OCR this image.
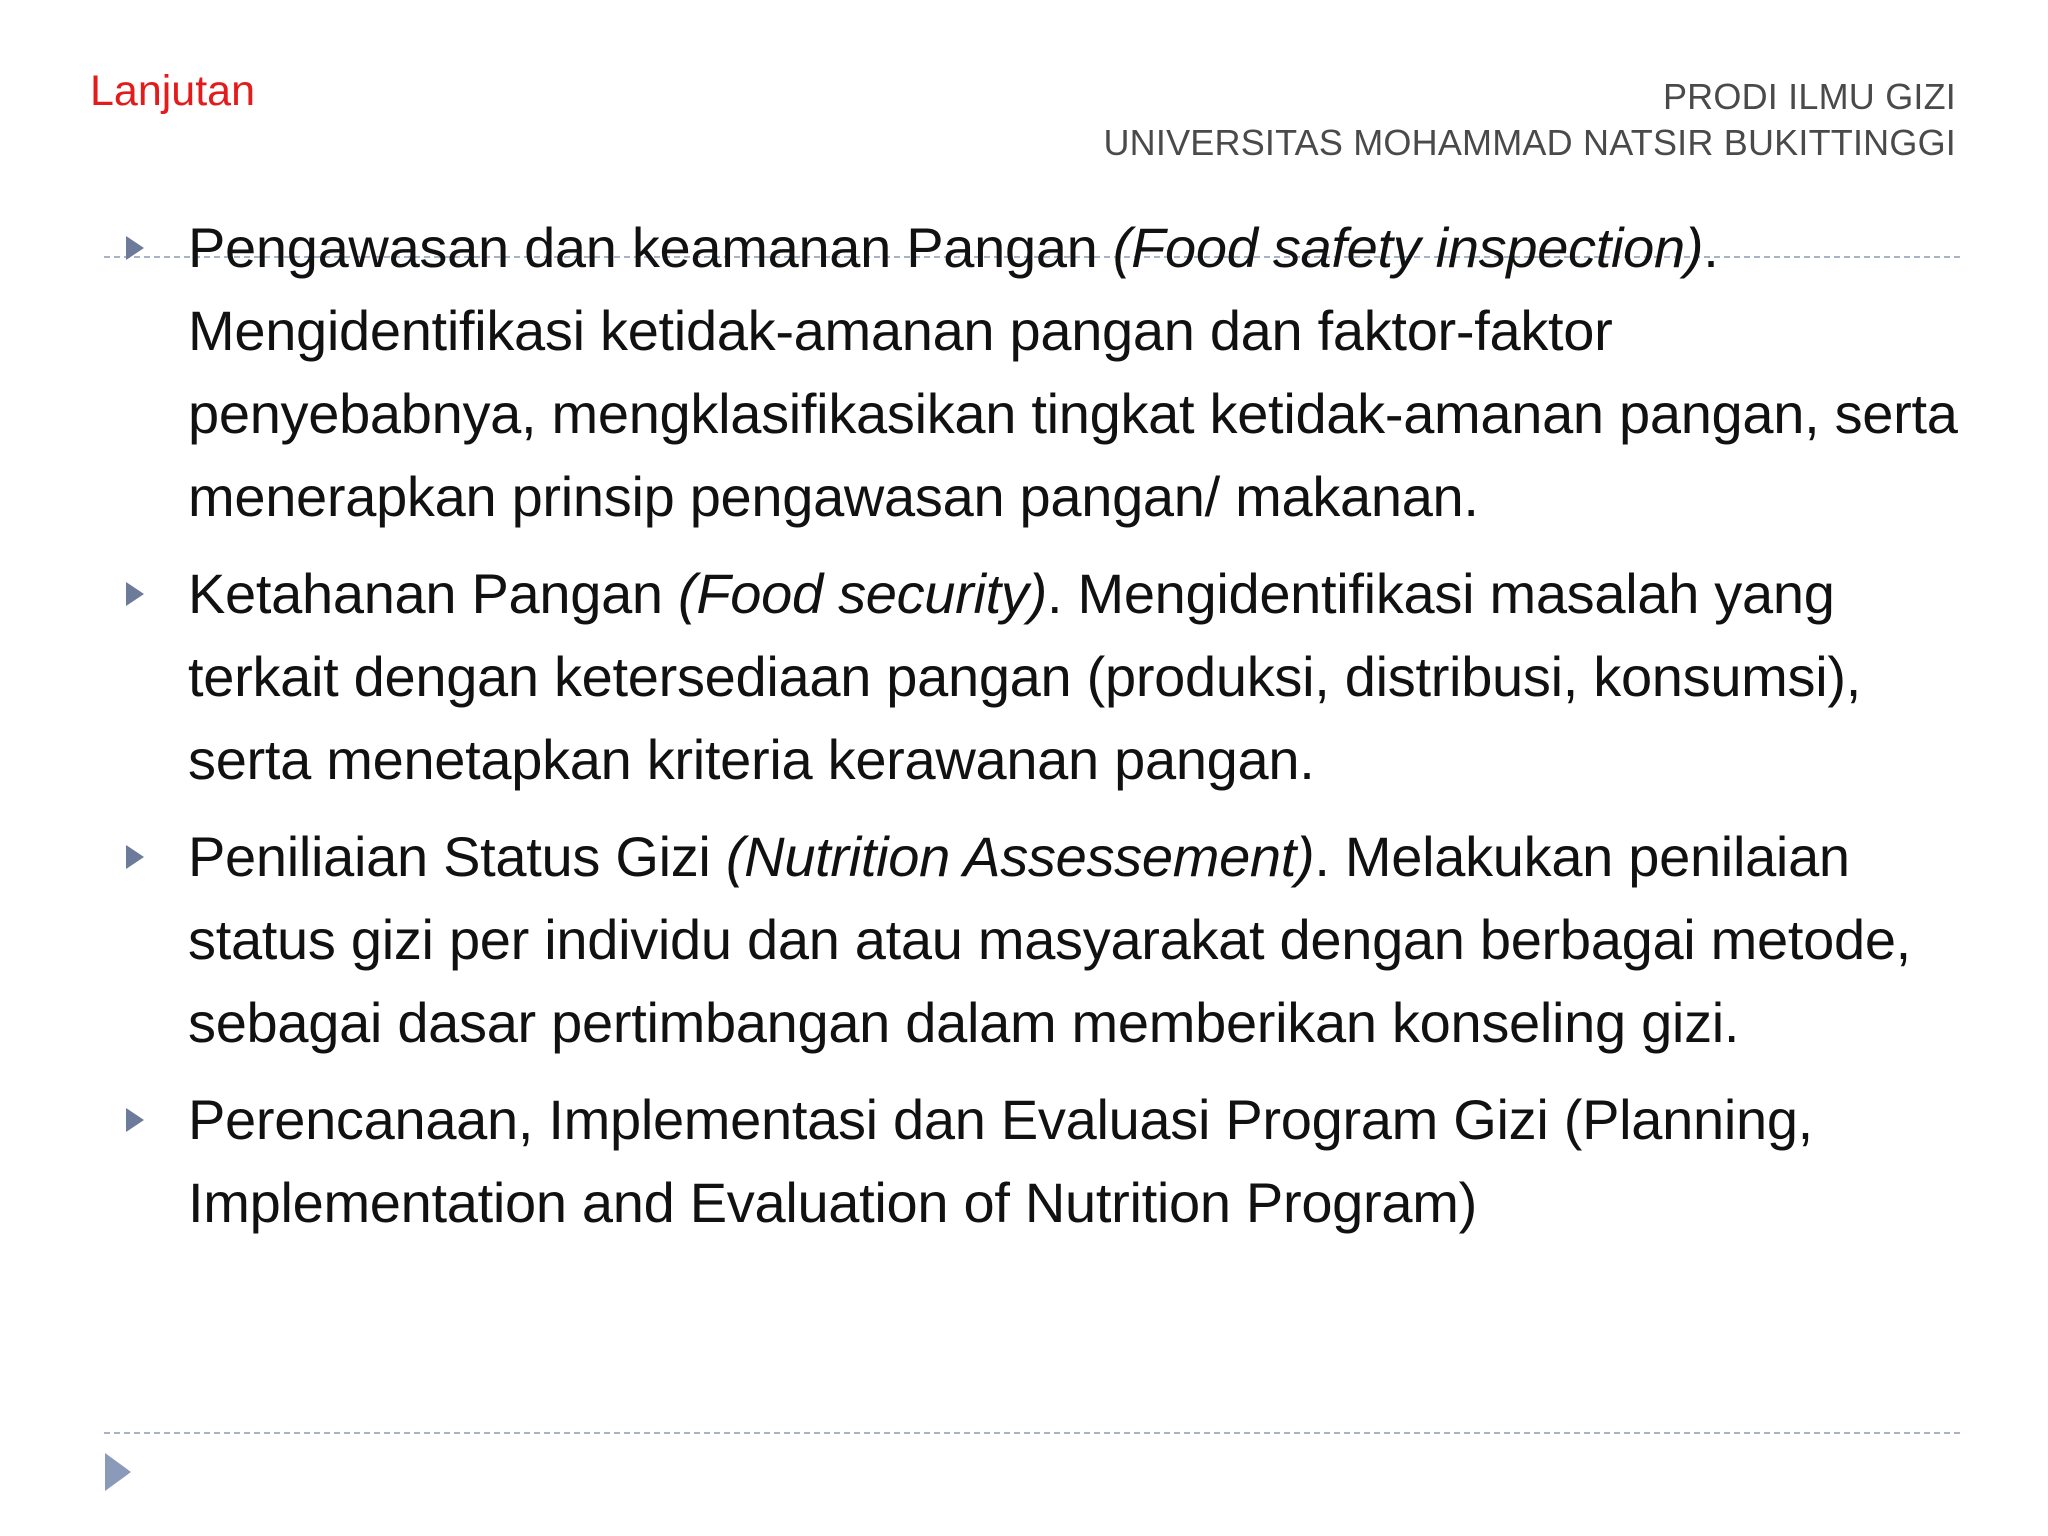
Lanjutan	PRODI ILMU GIZI
UNIVERSITAS MOHAMMAD NATSIR BUKITTINGGI
Pengawasan dan keamanan Pangan (Food safety inspection). Mengidentifikasi ketidak-amanan pangan dan faktor-faktor penyebabnya, mengklasifikasikan tingkat ketidak-amanan pangan, serta menerapkan prinsip pengawasan pangan/ makanan.
Ketahanan Pangan (Food security). Mengidentifikasi masalah yang terkait dengan ketersediaan pangan (produksi, distribusi, konsumsi), serta menetapkan kriteria kerawanan pangan.
Peniliaian Status Gizi (Nutrition Assessement). Melakukan penilaian status gizi per individu dan atau masyarakat dengan berbagai metode, sebagai dasar pertimbangan dalam memberikan konseling gizi.
Perencanaan, Implementasi dan Evaluasi Program Gizi (Planning, Implementation and Evaluation of Nutrition Program)
